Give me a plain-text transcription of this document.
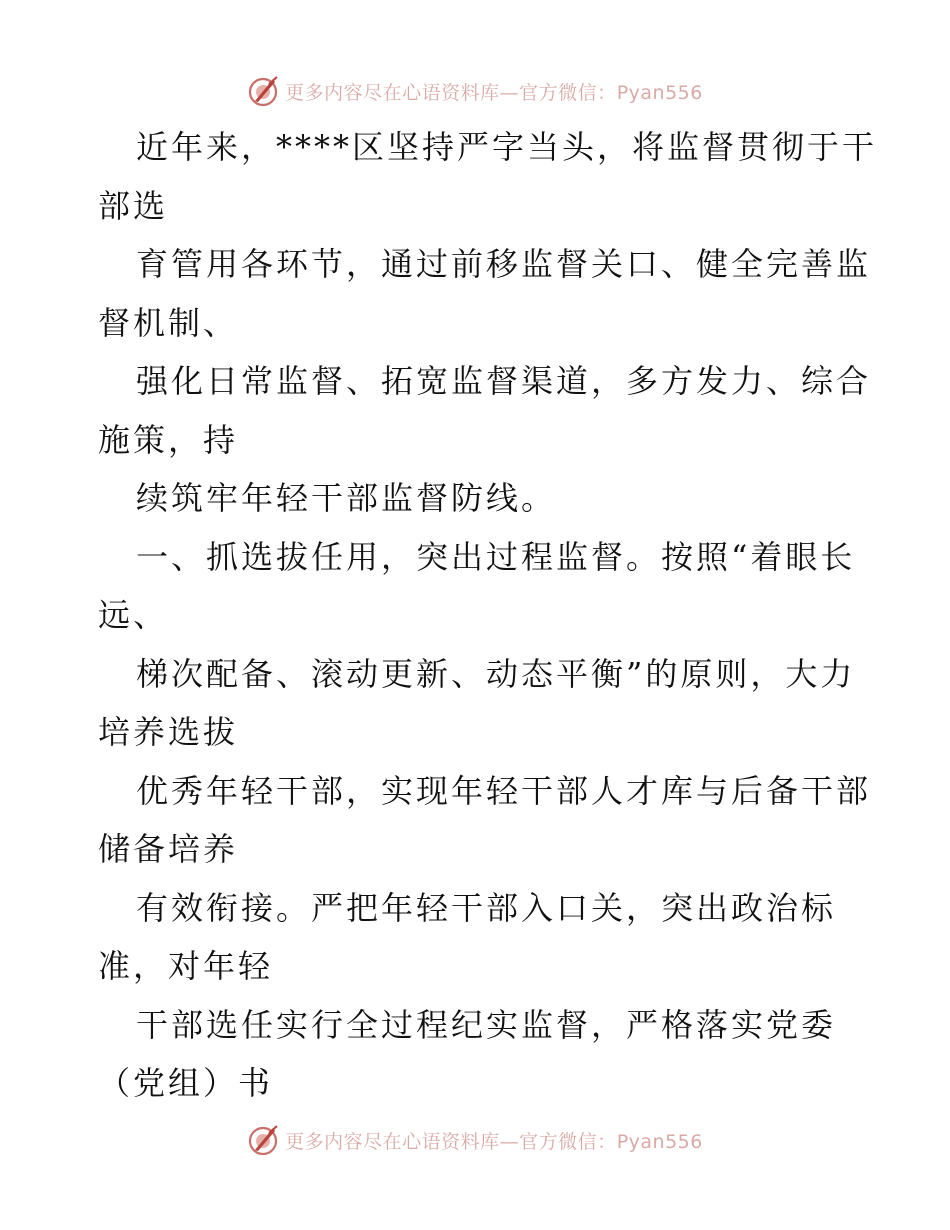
更多内容尽在心语资料库—官方微信：Pyan556

近年来，****区坚持严字当头，将监督贯彻于干

部选

育管用各环节，通过前移监督关口、健全完善监

督机制、

强化日常监督、拓宽监督渠道，多方发力、综合

施策，持

续筑牢年轻干部监督防线。

一、抓选拔任用，突出过程监督。按照“着眼长

远、

梯次配备、滚动更新、动态平衡”的原则，大力

培养选拔

优秀年轻干部，实现年轻干部人才库与后备干部

储备培养

有效衔接。严把年轻干部入口关，突出政治标

准，对年轻

干部选任实行全过程纪实监督，严格落实党委

（党组）书

更多内容尽在心语资料库—官方微信：Pyan556
